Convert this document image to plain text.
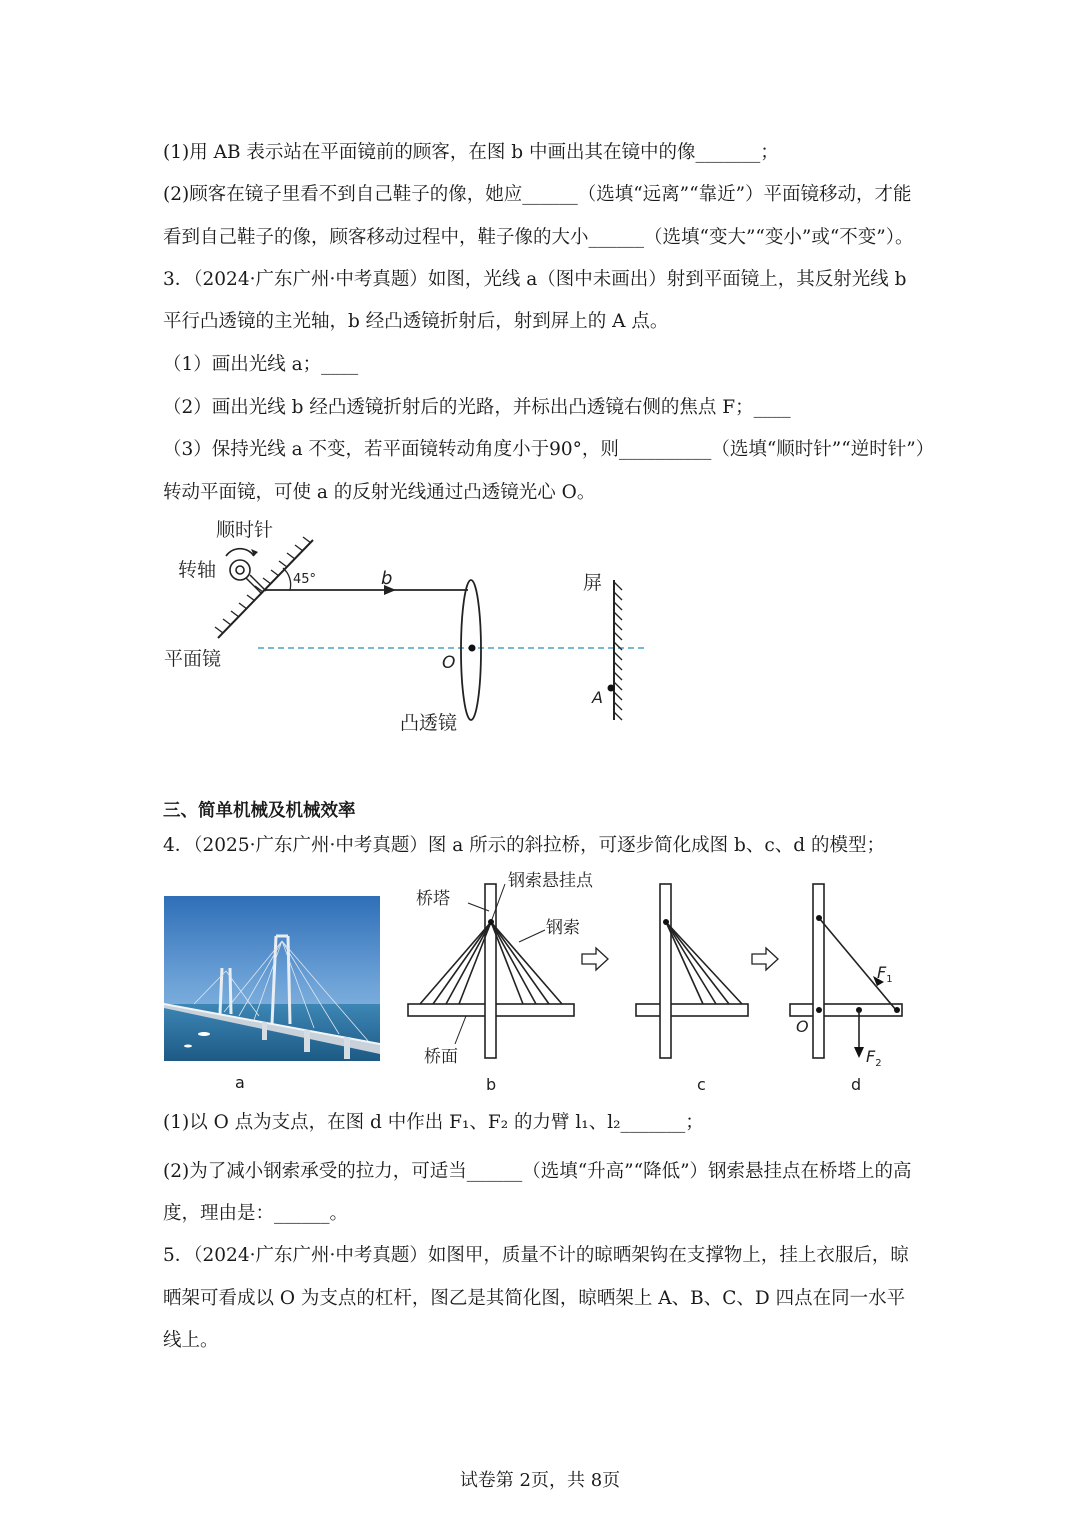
(1)用 AB 表示站在平面镜前的顾客，在图 b 中画出其在镜中的像_______；
(2)顾客在镜子里看不到自己鞋子的像，她应______（选填“远离”“靠近”）平面镜移动，才能
看到自己鞋子的像，顾客移动过程中，鞋子像的大小______（选填“变大”“变小”或“不变”）。
3．（2024·广东广州·中考真题）如图，光线 a（图中未画出）射到平面镜上，其反射光线 b
平行凸透镜的主光轴，b 经凸透镜折射后，射到屏上的 A 点。
（1）画出光线 a；____
（2）画出光线 b 经凸透镜折射后的光路，并标出凸透镜右侧的焦点 F；____
（3）保持光线 a 不变，若平面镜转动角度小于90°，则__________（选填“顺时针”“逆时针”）
转动平面镜，可使 a 的反射光线通过凸透镜光心 O。
顺时针
转轴	45°	b
平面镜	O
凸透镜
屏
A
三、简单机械及机械效率
4．（2025·广东广州·中考真题）图 a 所示的斜拉桥，可逐步简化成图 b、c、d 的模型；
桥塔
钢索悬挂点
钢索
桥面
$F_1$
$F_2$
O
b	c	d
a
(1)以 O 点为支点，在图 d 中作出 F₁、F₂ 的力臂 l₁、l₂_______；
(2)为了减小钢索承受的拉力，可适当______（选填“升高”“降低”）钢索悬挂点在桥塔上的高
度，理由是：______。
5．（2024·广东广州·中考真题）如图甲，质量不计的晾晒架钩在支撑物上，挂上衣服后，晾
晒架可看成以 O 为支点的杠杆，图乙是其简化图，晾晒架上 A、B、C、D 四点在同一水平
线上。
试卷第 2页，共 8页
